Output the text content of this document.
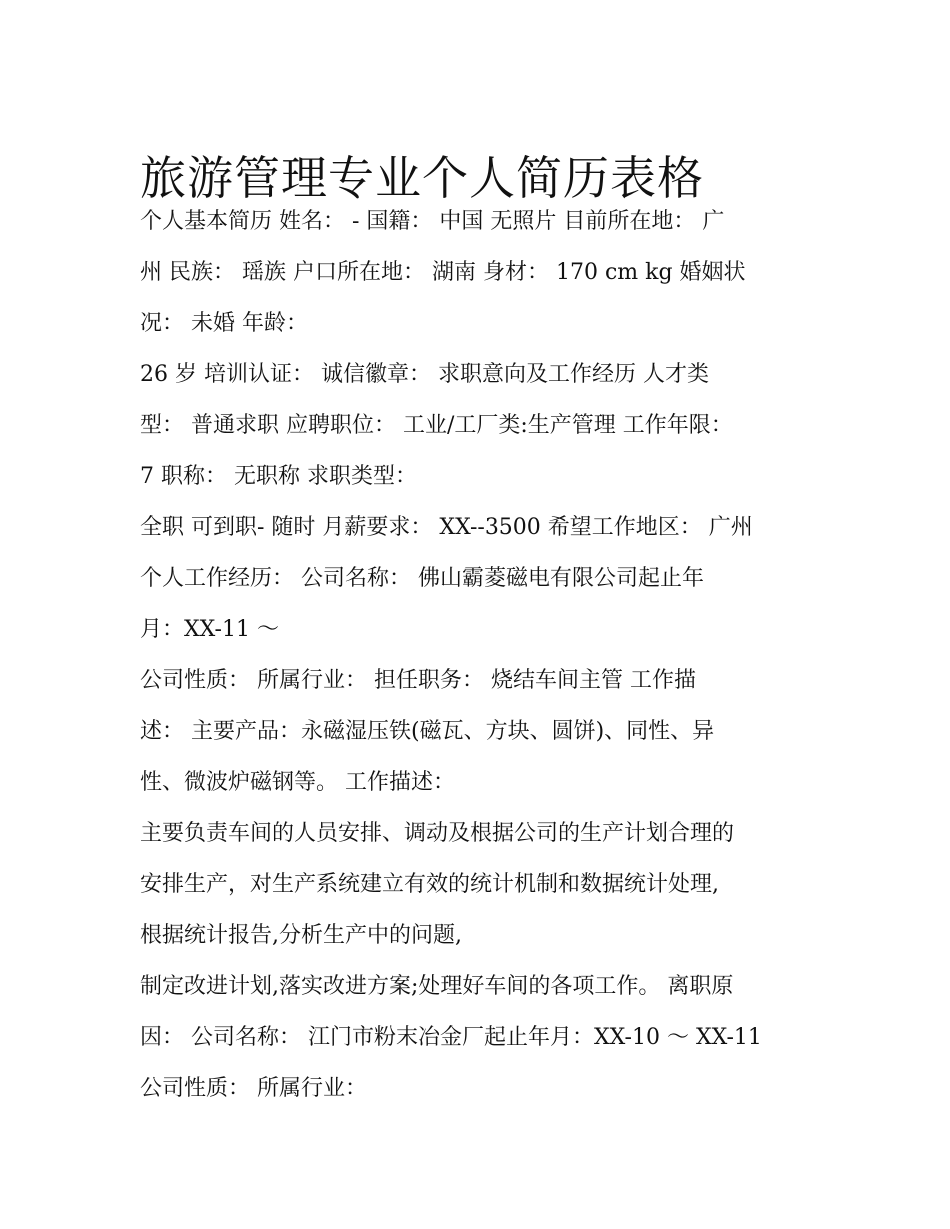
旅游管理专业个人简历表格
个人基本简历 姓名： - 国籍： 中国 无照片 目前所在地： 广
州 民族： 瑶族 户口所在地： 湖南 身材： 170 cm kg 婚姻状
况： 未婚 年龄：
26 岁 培训认证： 诚信徽章： 求职意向及工作经历 人才类
型： 普通求职 应聘职位： 工业/工厂类:生产管理 工作年限：
7 职称： 无职称 求职类型：
全职 可到职- 随时 月薪要求： XX--3500 希望工作地区： 广州
个人工作经历： 公司名称： 佛山霸菱磁电有限公司起止年
月：XX-11 ～
公司性质： 所属行业： 担任职务： 烧结车间主管 工作描
述： 主要产品：永磁湿压铁(磁瓦、方块、圆饼)、同性、异
性、微波炉磁钢等。 工作描述：
主要负责车间的人员安排、调动及根据公司的生产计划合理的
安排生产，对生产系统建立有效的统计机制和数据统计处理,
根据统计报告,分析生产中的问题,
制定改进计划,落实改进方案;处理好车间的各项工作。 离职原
因： 公司名称： 江门市粉末冶金厂起止年月：XX-10 ～ XX-11
公司性质： 所属行业：
